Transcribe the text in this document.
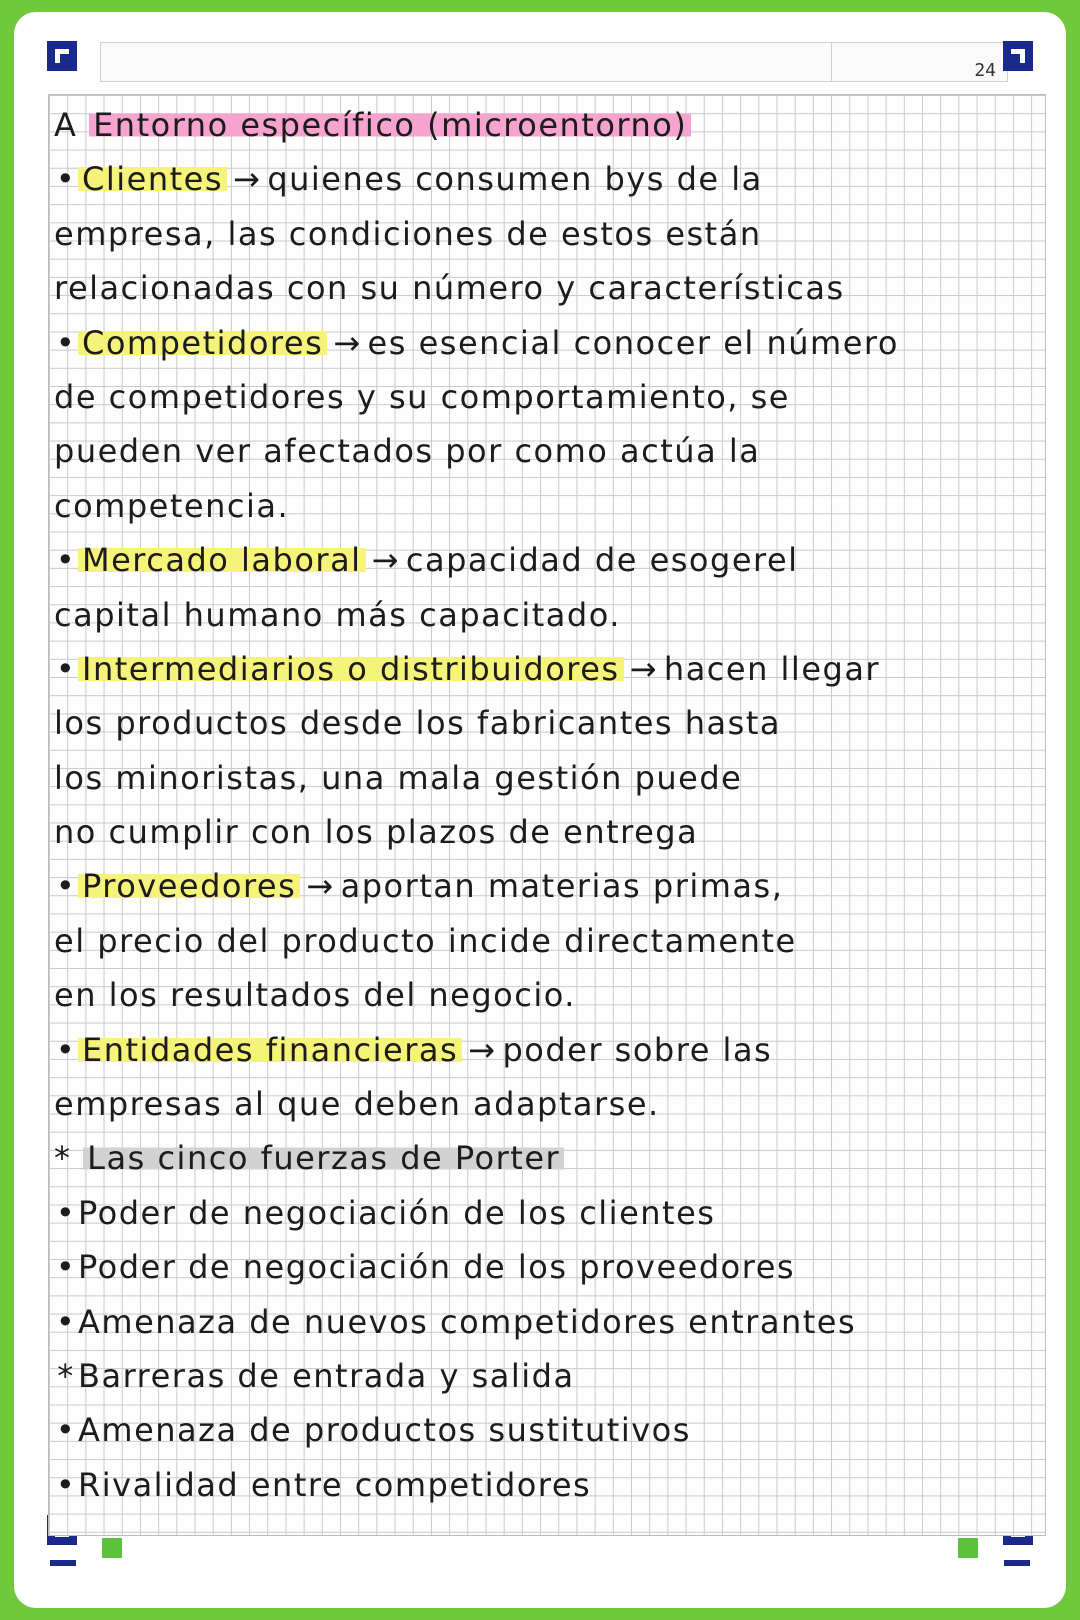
24
A Entorno específico (microentorno)
• Clientes → quienes consumen bys de la
empresa, las condiciones de estos están
relacionadas con su número y características
• Competidores → es esencial conocer el número
de competidores y su comportamiento, se
pueden ver afectados por como actúa la
competencia.
• Mercado laboral → capacidad de esogerel
capital humano más capacitado.
• Intermediarios o distribuidores → hacen llegar
los productos desde los fabricantes hasta
los minoristas, una mala gestión puede
no cumplir con los plazos de entrega
• Proveedores → aportan materias primas,
el precio del producto incide directamente
en los resultados del negocio.
• Entidades financieras → poder sobre las
empresas al que deben adaptarse.
* Las cinco fuerzas de Porter
•Poder de negociación de los clientes
•Poder de negociación de los proveedores
•Amenaza de nuevos competidores entrantes
* Barreras de entrada y salida
•Amenaza de productos sustitutivos
•Rivalidad entre competidores
